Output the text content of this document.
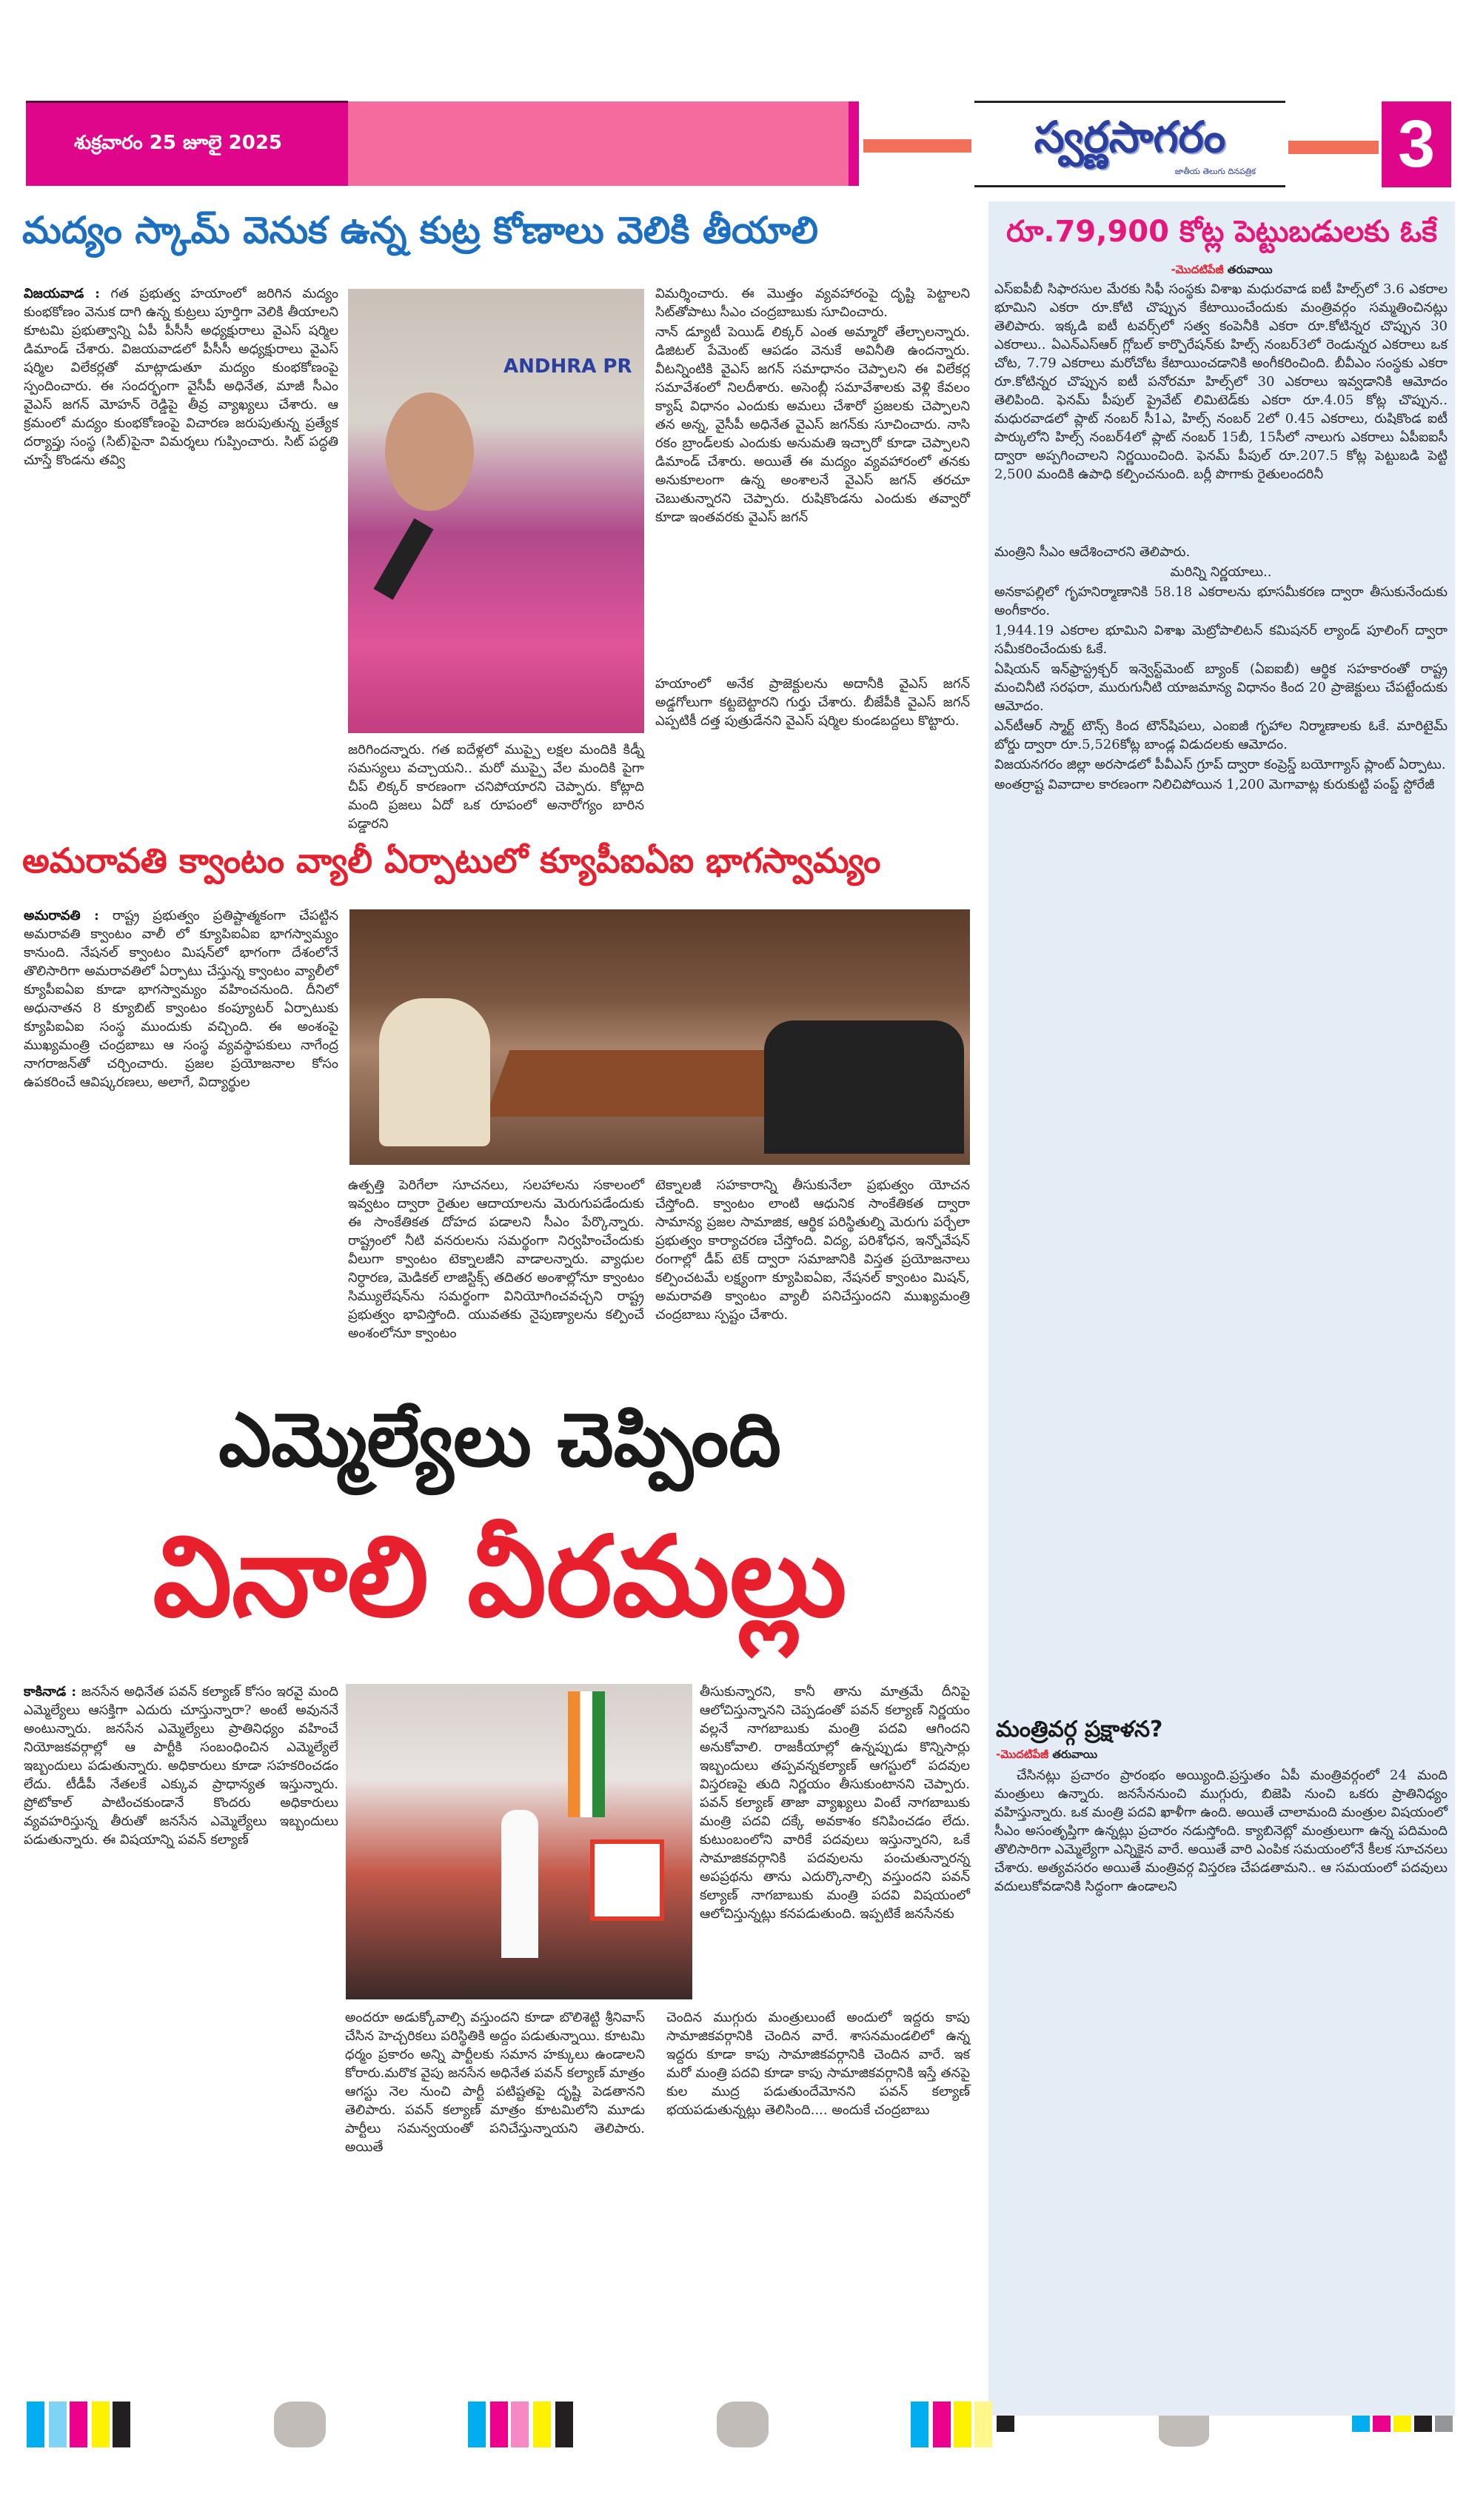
శుక్రవారం 25 జూలై 2025	స్వర్ణసాగరం
జాతీయ తెలుగు దినపత్రిక	3
మద్యం స్కామ్ వెనుక ఉన్న కుట్ర కోణాలు వెలికి తీయాలి

విజయవాడ : గత ప్రభుత్వ హయాంలో జరిగిన మద్యం కుంభకోణం వెనుక దాగి ఉన్న కుట్రలు పూర్తిగా వెలికి తీయాలని కూటమి ప్రభుత్వాన్ని ఏపీ పీసీసీ అధ్యక్షురాలు వైఎస్ షర్మిల డిమాండ్ చేశారు. విజయవాడలో పీసీసీ అధ్యక్షురాలు వైఎస్ షర్మిల విలేకర్లతో మాట్లాడుతూ మద్యం కుంభకోణంపై స్పందించారు. ఈ సందర్భంగా వైసీపీ అధినేత, మాజీ సీఎం వైఎస్ జగన్ మోహన్ రెడ్డిపై తీవ్ర వ్యాఖ్యలు చేశారు. ఆ క్రమంలో మద్యం కుంభకోణంపై విచారణ జరుపుతున్న ప్రత్యేక దర్యాప్తు సంస్థ (సిట్)పైనా విమర్శలు గుప్పించారు. సిట్ పద్ధతి చూస్తే కొండను తవ్వి

ANDHRA PR
జరిగిందన్నారు. గత ఐదేళ్లలో ముప్పై లక్షల మందికి కిడ్నీ సమస్యలు వచ్చాయని.. మరో ముప్పై వేల మందికి పైగా చీప్ లిక్కర్ కారణంగా చనిపోయారని చెప్పారు. కోట్లాది మంది ప్రజలు ఏదో ఒక రూపంలో అనారోగ్యం బారిన పడ్డారని

విమర్శించారు. ఈ మొత్తం వ్యవహారంపై దృష్టి పెట్టాలని సిట్‌తోపాటు సీఎం చంద్రబాబుకు సూచించారు.

నాన్ డ్యూటీ పెయిడ్ లిక్కర్ ఎంత అమ్మారో తేల్చాలన్నారు. డిజిటల్ పేమెంట్ ఆపడం వెనుకే అవినీతి ఉందన్నారు. వీటన్నింటికి వైఎస్ జగన్ సమాధానం చెప్పాలని ఈ విలేకర్ల సమావేశంలో నిలదీశారు. అసెంబ్లీ సమావేశాలకు వెళ్లి కేవలం క్యాష్ విధానం ఎందుకు అమలు చేశారో ప్రజలకు చెప్పాలని తన అన్న, వైసీపీ అధినేత వైఎస్ జగన్‌కు సూచించారు. నాసి రకం బ్రాండ్‌లకు ఎందుకు అనుమతి ఇచ్చారో కూడా చెప్పాలని డిమాండ్ చేశారు. అయితే ఈ మద్యం వ్యవహారంలో తనకు అనుకూలంగా ఉన్న అంశాలనే వైఎస్ జగన్ తరచూ చెబుతున్నారని చెప్పారు. రుషికొండను ఎందుకు తవ్వారో కూడా ఇంతవరకు వైఎస్ జగన్

హయాంలో అనేక ప్రాజెక్టులను అదానీకి వైఎస్ జగన్ అడ్డగోలుగా కట్టబెట్టారని గుర్తు చేశారు. బీజేపీకి వైఎస్ జగన్ ఎప్పటికీ దత్త పుత్రుడేనని వైఎస్ షర్మిల కుండబద్దలు కొట్టారు.

అమరావతి క్వాంటం వ్యాలీ ఏర్పాటులో క్యూపీఐఏఐ భాగస్వామ్యం

అమరావతి : రాష్ట్ర ప్రభుత్వం ప్రతిష్టాత్మకంగా చేపట్టిన అమరావతి క్వాంటం వాలీ లో క్యూపిఐఏఐ భాగస్వామ్యం కానుంది. నేషనల్ క్వాంటం మిషన్‌లో భాగంగా దేశంలోనే తొలిసారిగా అమరావతిలో ఏర్పాటు చేస్తున్న క్వాంటం వ్యాలీలో క్యూపీఐఏఐ కూడా భాగస్వామ్యం వహించనుంది. దీనిలో అధునాతన 8 క్యూబిట్ క్వాంటం కంప్యూటర్ ఏర్పాటుకు క్యూపిఐఏఐ సంస్థ ముందుకు వచ్చింది. ఈ అంశంపై ముఖ్యమంత్రి చంద్రబాబు ఆ సంస్థ వ్యవస్థాపకులు నాగేంద్ర నాగరాజన్‌తో చర్చించారు. ప్రజల ప్రయోజనాల కోసం ఉపకరించే ఆవిష్కరణలు, అలాగే, విద్యార్థుల

ఉత్పత్తి పెరిగేలా సూచనలు, సలహాలను సకాలంలో ఇవ్వటం ద్వారా రైతుల ఆదాయాలను మెరుగుపడేందుకు ఈ సాంకేతికత దోహద పడాలని సీఎం పేర్కొన్నారు. రాష్ట్రంలో నీటి వనరులను సమర్థంగా నిర్వహించేందుకు వీలుగా క్వాంటం టెక్నాలజీని వాడాలన్నారు. వ్యాధుల నిర్ధారణ, మెడికల్ లాజిస్టిక్స్ తదితర అంశాల్లోనూ క్వాంటం సిమ్యులేషన్‌ను సమర్థంగా వినియోగించవచ్చని రాష్ట్ర ప్రభుత్వం భావిస్తోంది. యువతకు నైపుణ్యాలను కల్పించే అంశంలోనూ క్వాంటం
టెక్నాలజీ సహకారాన్ని తీసుకునేలా ప్రభుత్వం యోచన చేస్తోంది. క్వాంటం లాంటి ఆధునిక సాంకేతికత ద్వారా సామాన్య ప్రజల సామాజిక, ఆర్థిక పరిస్థితుల్ని మెరుగు పర్చేలా ప్రభుత్వం కార్యాచరణ చేస్తోంది. విద్య, పరిశోధన, ఇన్నోవేషన్ రంగాల్లో డీప్ టెక్ ద్వారా సమాజానికి విస్తత ప్రయోజనాలు కల్పించటమే లక్ష్యంగా క్యూపిఐఏఐ, నేషనల్ క్వాంటం మిషన్, అమరావతి క్వాంటం వ్యాలీ పనిచేస్తుందని ముఖ్యమంత్రి చంద్రబాబు స్పష్టం చేశారు.
ఎమ్మెల్యేలు చెప్పింది
వినాలి వీరమల్లు

కాకినాడ : జనసేన అధినేత పవన్ కల్యాణ్ కోసం ఇరవై మంది ఎమ్మెల్యేలు ఆసక్తిగా ఎదురు చూస్తున్నారా? అంటే అవుననే అంటున్నారు. జనసేన ఎమ్మెల్యేలు ప్రాతినిధ్యం వహించే నియోజకవర్గాల్లో ఆ పార్టీకి సంబంధించిన ఎమ్మెల్యేలే ఇబ్బందులు పడుతున్నారు. అధికారులు కూడా సహకరించడం లేదు. టీడీపీ నేతలకే ఎక్కువ ప్రాధాన్యత ఇస్తున్నారు. ప్రోటోకాల్ పాటించకుండానే కొందరు అధికారులు వ్యవహరిస్తున్న తీరుతో జనసేన ఎమ్మెల్యేలు ఇబ్బందులు పడుతున్నారు. ఈ విషయాన్ని పవన్ కల్యాణ్

తీసుకున్నారని, కానీ తాను మాత్రమే దీనిపై ఆలోచిస్తున్నానని చెప్పడంతో పవన్ కల్యాణ్ నిర్ణయం వల్లనే నాగబాబుకు మంత్రి పదవి ఆగిందని అనుకోవాలి. రాజకీయాల్లో ఉన్నప్పుడు కొన్నిసార్లు ఇబ్బందులు తప్పవన్నకల్యాణ్ ఆగస్టులో పదవుల విస్తరణపై తుది నిర్ణయం తీసుకుంటానని చెప్పారు. పవన్ కల్యాణ్ తాజా వ్యాఖ్యలు వింటే నాగబాబుకు మంత్రి పదవి దక్కే అవకాశం కనిపించడం లేదు. కుటుంబంలోని వారికే పదవులు ఇస్తున్నారని, ఒకే సామాజికవర్గానికి పదవులను పంచుతున్నారన్న అపప్రథను తాను ఎదుర్కొనాల్సి వస్తుందని పవన్ కల్యాణ్ నాగబాబుకు మంత్రి పదవి విషయంలో ఆలోచిస్తున్నట్లు కనపడుతుంది. ఇప్పటికే జనసేనకు
అందరూ అడుక్కోవాల్సి వస్తుందని కూడా బొలిశెట్టి శ్రీనివాస్ చేసిన హెచ్చరికలు పరిస్థితికి అద్దం పడుతున్నాయి. కూటమి ధర్మం ప్రకారం అన్ని పార్టీలకు సమాన హక్కులు ఉండాలని కోరారు.మరొక వైపు జనసేన అధినేత పవన్ కల్యాణ్ మాత్రం ఆగస్టు నెల నుంచి పార్టీ పటిష్టతపై దృష్టి పెడతానని తెలిపారు. పవన్ కల్యాణ్ మాత్రం కూటమిలోని మూడు పార్టీలు సమన్వయంతో పనిచేస్తున్నాయని తెలిపారు. అయితే
చెందిన ముగ్గురు మంత్రులుంటే అందులో ఇద్దరు కాపు సామాజికవర్గానికి చెందిన వారే. శాసనమండలిలో ఉన్న ఇద్దరు కూడా కాపు సామాజికవర్గానికి చెందిన వారే. ఇక మరో మంత్రి పదవి కూడా కాపు సామాజికవర్గానికి ఇస్తే తనపై కుల ముద్ర పడుతుందేమోనని పవన్ కల్యాణ్ భయపడుతున్నట్లు తెలిసింది.... అందుకే చంద్రబాబు
రూ.79,900 కోట్ల పెట్టుబడులకు ఓకే
-మొదటిపేజీ తరువాయి

ఎస్ఐపీబీ సిఫారసుల మేరకు సిఫీ సంస్థకు విశాఖ మధురవాడ ఐటీ హిల్స్‌లో 3.6 ఎకరాల భూమిని ఎకరా రూ.కోటి చొప్పున కేటాయించేందుకు మంత్రివర్గం సమ్మతించినట్లు తెలిపారు. ఇక్కడి ఐటీ టవర్స్‌లో సత్వ కంపెనీకి ఎకరా రూ.కోటిన్నర చొప్పున 30 ఎకరాలు.. ఏఎన్ఎస్ఆర్ గ్లోబల్ కార్పొరేషన్‌కు హిల్స్ నంబర్3లో రెండున్నర ఎకరాలు ఒక చోట, 7.79 ఎకరాలు మరోచోట కేటాయించడానికి అంగీకరించింది. బీవీఎం సంస్థకు ఎకరా రూ.కోటిన్నర చొప్పున ఐటీ పనోరమా హిల్స్‌లో 30 ఎకరాలు ఇవ్వడానికి ఆమోదం తెలిపింది. ఫెనమ్ పీపుల్ ప్రైవేట్ లిమిటెడ్‌కు ఎకరా రూ.4.05 కోట్ల చొప్పున.. మధురవాడలో ప్లాట్ నంబర్ సీ1ఎ, హిల్స్ నంబర్ 2లో 0.45 ఎకరాలు, రుషికొండ ఐటీ పార్కులోని హిల్స్ నంబర్4లో ప్లాట్ నంబర్ 15బీ, 15సీలో నాలుగు ఎకరాలు ఏపీఐఐసీ ద్వారా అప్పగించాలని నిర్ణయించింది. ఫెనమ్ పీపుల్ రూ.207.5 కోట్ల పెట్టుబడి పెట్టి 2,500 మందికి ఉపాధి కల్పించనుంది. బర్లీ పొగాకు రైతులందరినీ

మంత్రిని సీఎం ఆదేశించారని తెలిపారు.

మరిన్ని నిర్ణయాలు..

అనకాపల్లిలో గృహనిర్మాణానికి 58.18 ఎకరాలను భూసమీకరణ ద్వారా తీసుకునేందుకు అంగీకారం.

1,944.19 ఎకరాల భూమిని విశాఖ మెట్రోపాలిటన్ కమిషనర్ ల్యాండ్ పూలింగ్ ద్వారా సమీకరించేందుకు ఓకే.

ఏషియన్ ఇన్‌ఫ్రాస్ట్రక్చర్ ఇన్వెస్ట్‌మెంట్ బ్యాంక్ (ఏఐఐబీ) ఆర్థిక సహకారంతో రాష్ట్ర మంచినీటి సరఫరా, మురుగునీటి యాజమాన్య విధానం కింద 20 ప్రాజెక్టులు చేపట్టేందుకు ఆమోదం.

ఎన్‌టీఆర్ స్మార్ట్ టౌన్స్ కింద టౌన్‌షిపలు, ఎంఐజీ గృహాల నిర్మాణాలకు ఓకే. మారిటైమ్ బోర్డు ద్వారా రూ.5,526కోట్ల బాండ్ల విడుదలకు ఆమోదం.

విజయనగరం జిల్లా అరసాడలో పీవీఎస్ గ్రూప్ ద్వారా కంప్రెస్డ్ బయోగ్యాస్ ప్లాంట్ ఏర్పాటు.

అంతర్రాష్ట వివాదాల కారణంగా నిలిచిపోయిన 1,200 మెగావాట్ల కురుకుట్టి పంప్డ్ స్టోరేజీ

మంత్రివర్గ ప్రక్షాళన?
-మొదటిపేజీ తరువాయి
చేసినట్లు ప్రచారం ప్రారంభం అయ్యింది.ప్రస్తుతం ఏపీ మంత్రివర్గంలో 24 మంది మంత్రులు ఉన్నారు. జనసేననుంచి ముగ్గురు, బిజెపి నుంచి ఒకరు ప్రాతినిధ్యం వహిస్తున్నారు. ఒక మంత్రి పదవి ఖాళీగా ఉంది. అయితే చాలామంది మంత్రుల విషయంలో సీఎం అసంతృప్తిగా ఉన్నట్లు ప్రచారం నడుస్తోంది. క్యాబినెట్లో మంత్రులుగా ఉన్న పదిమంది తొలిసారిగా ఎమ్మెల్యేగా ఎన్నికైన వారే. అయితే వారి ఎంపిక సమయంలోనే కీలక సూచనలు చేశారు. అత్యవసరం అయితే మంత్రివర్గ విస్తరణ చేపడతామని.. ఆ సమయంలో పదవులు వదులుకోవడానికి సిద్ధంగా ఉండాలని
